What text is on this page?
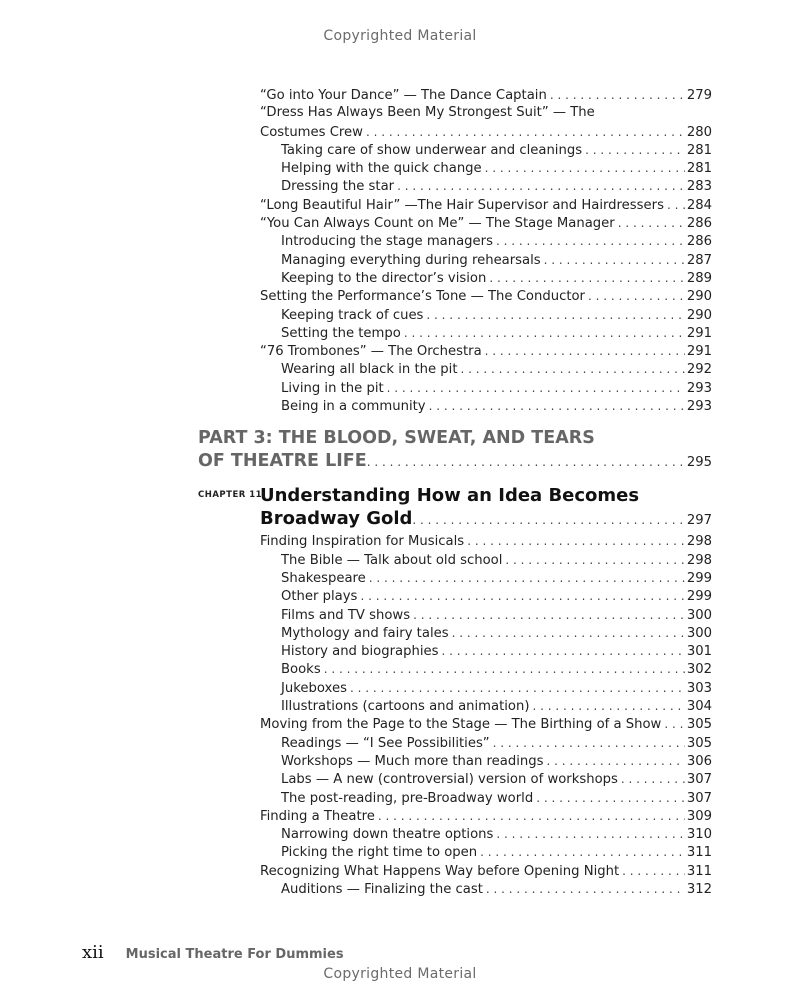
Copyrighted Material
“Go into Your Dance” — The Dance Captain . . .	279
“Dress Has Always Been My Strongest Suit” — The
Costumes Crew . . .	280
Taking care of show underwear and cleanings . . .	281
Helping with the quick change . . .	281
Dressing the star . . .	283
“Long Beautiful Hair” —The Hair Supervisor and Hairdressers . . . 284
“You Can Always Count on Me” — The Stage Manager . . .	286
Introducing the stage managers . . .	286
Managing everything during rehearsals . . .	287
Keeping to the director’s vision . . .	289
Setting the Performance’s Tone — The Conductor . . .	290
Keeping track of cues . . .	290
Setting the tempo . . .	291
“76 Trombones” — The Orchestra . . .	291
Wearing all black in the pit . . .	292
Living in the pit . . .	293
Being in a community . . .	293
PART 3: THE BLOOD, SWEAT, AND TEARS
OF THEATRE LIFE . . .	295
CHAPTER 11:
Understanding How an Idea Becomes
Broadway Gold . . .	297
Finding Inspiration for Musicals . . .	298
The Bible — Talk about old school . . .	298
Shakespeare . . .	299
Other plays . . .	299
Films and TV shows . . .	300
Mythology and fairy tales . . .	300
History and biographies . . .	301
Books . . .	302
Jukeboxes . . .	303
Illustrations (cartoons and animation) . . .	304
Moving from the Page to the Stage — The Birthing of a Show . . . 305
Readings — “I See Possibilities” . . .	305
Workshops — Much more than readings . . .	306
Labs — A new (controversial) version of workshops . . .	307
The post-reading, pre-Broadway world . . .	307
Finding a Theatre . . .	309
Narrowing down theatre options . . .	310
Picking the right time to open . . .	311
Recognizing What Happens Way before Opening Night . . .	311
Auditions — Finalizing the cast . . .	312
xii Musical Theatre For Dummies
Copyrighted Material
